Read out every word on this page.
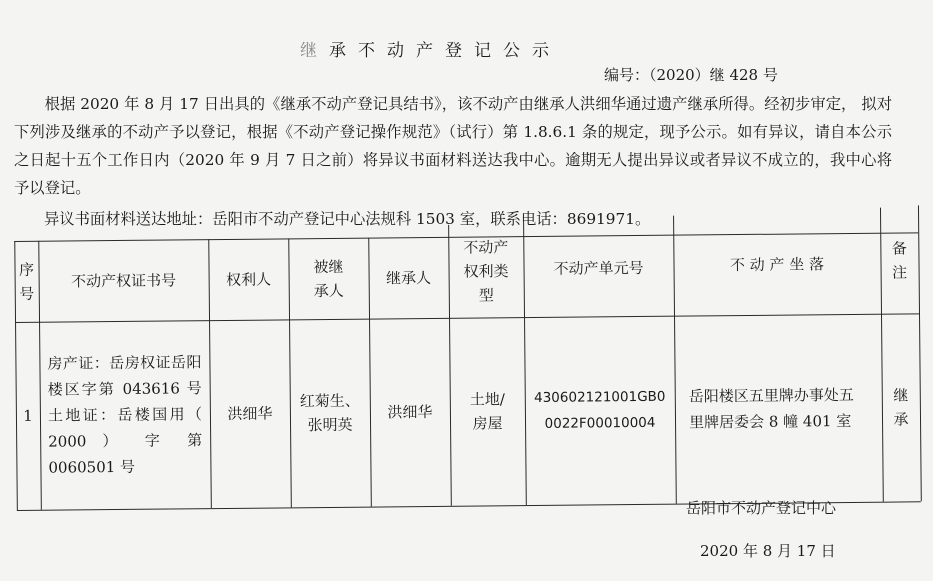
继承不动产登记公示
编号：（2020）继 428 号

根据 2020 年 8 月 17 日出具的《继承不动产登记具结书》，该不动产由继承人洪细华通过遗产继承所得。经初步审定， 拟对下列涉及继承的不动产予以登记，根据《不动产登记操作规范》（试行）第 1.8.6.1 条的规定，现予公示。如有异议，请自本公示之日起十五个工作日内（2020 年 9 月 7 日之前）将异议书面材料送达我中心。逾期无人提出异议或者异议不成立的，我中心将予以登记。

异议书面材料送达地址：岳阳市不动产登记中心法规科 1503 室，联系电话：8691971。
序号
不动产权证书号	权利人
被继承人
继承人
不动产权利类型
不动产单元号	不 动 产 坐 落
备注
1
房产证：岳房权证岳阳楼区字第 043616 号土地证：岳楼国用（ 2000 ） 字 第 0060501 号
洪细华
红菊生、张明英
洪细华
土地/房屋
430602121001GB00022F00010004
岳阳楼区五里牌办事处五里牌居委会 8 幢 401 室
继承
岳阳市不动产登记中心
2020 年 8 月 17 日
